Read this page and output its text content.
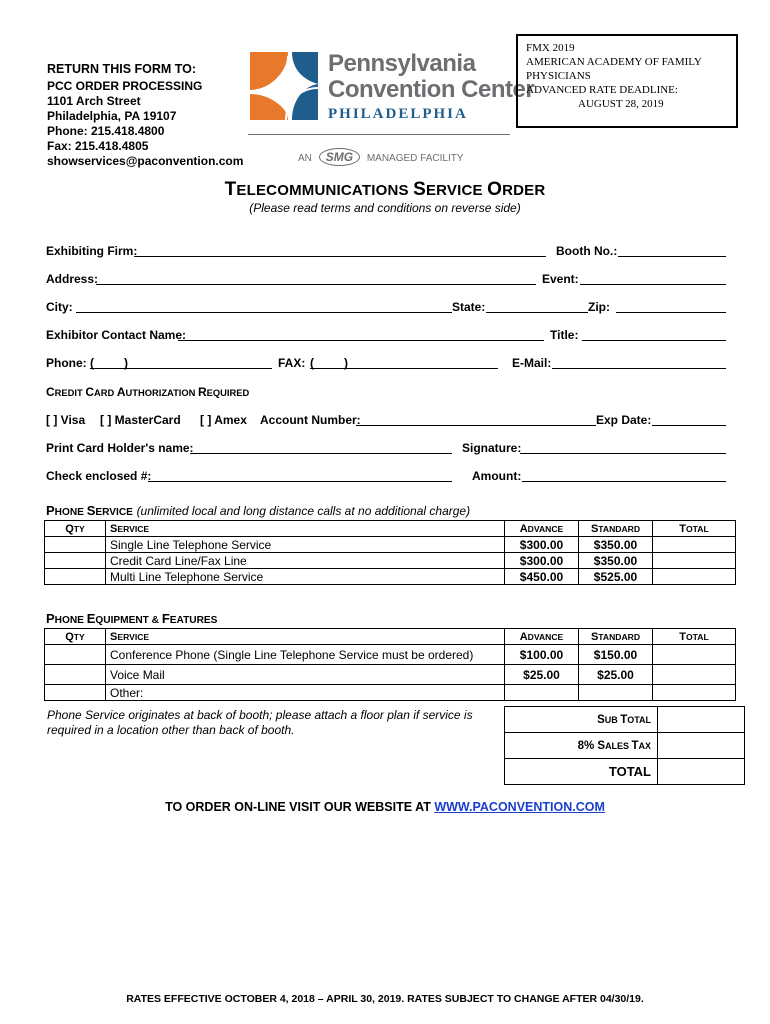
RETURN THIS FORM TO:
PCC ORDER PROCESSING
1101 Arch Street
Philadelphia, PA 19107
Phone: 215.418.4800
Fax: 215.418.4805
showservices@paconvention.com
Pennsylvania
Convention Center
PHILADELPHIA
AN SMG MANAGED FACILITY
FMX 2019
AMERICAN ACADEMY OF FAMILY
PHYSICIANS
ADVANCED RATE DEADLINE:
AUGUST 28, 2019
TELECOMMUNICATIONS SERVICE ORDER
(Please read terms and conditions on reverse side)
Exhibiting Firm:	Booth No.:
Address:	Event:
City:	State:	Zip:
Exhibitor Contact Name:	Title:
Phone: (	)	FAX: (	)	E-Mail:
CREDIT CARD AUTHORIZATION REQUIRED
[ ] Visa [ ] MasterCard [ ] Amex Account Number:	Exp Date:
Print Card Holder's name:	Signature:
Check enclosed #:	Amount:
PHONE SERVICE (unlimited local and long distance calls at no additional charge)
QTY	SERVICE	ADVANCE	STANDARD	TOTAL
	Single Line Telephone Service	$300.00	$350.00	
	Credit Card Line/Fax Line	$300.00	$350.00	
	Multi Line Telephone Service	$450.00	$525.00	
PHONE EQUIPMENT & FEATURES
QTY	SERVICE	ADVANCE	STANDARD	TOTAL
	Conference Phone (Single Line Telephone Service must be ordered)	$100.00	$150.00	
	Voice Mail	$25.00	$25.00	
	Other:			
Phone Service originates at back of booth; please attach a floor plan if service is required in a location other than back of booth.
SUB TOTAL	
8% SALES TAX	
TOTAL	
TO ORDER ON-LINE VISIT OUR WEBSITE AT WWW.PACONVENTION.COM
RATES EFFECTIVE OCTOBER 4, 2018 – APRIL 30, 2019. RATES SUBJECT TO CHANGE AFTER 04/30/19.
